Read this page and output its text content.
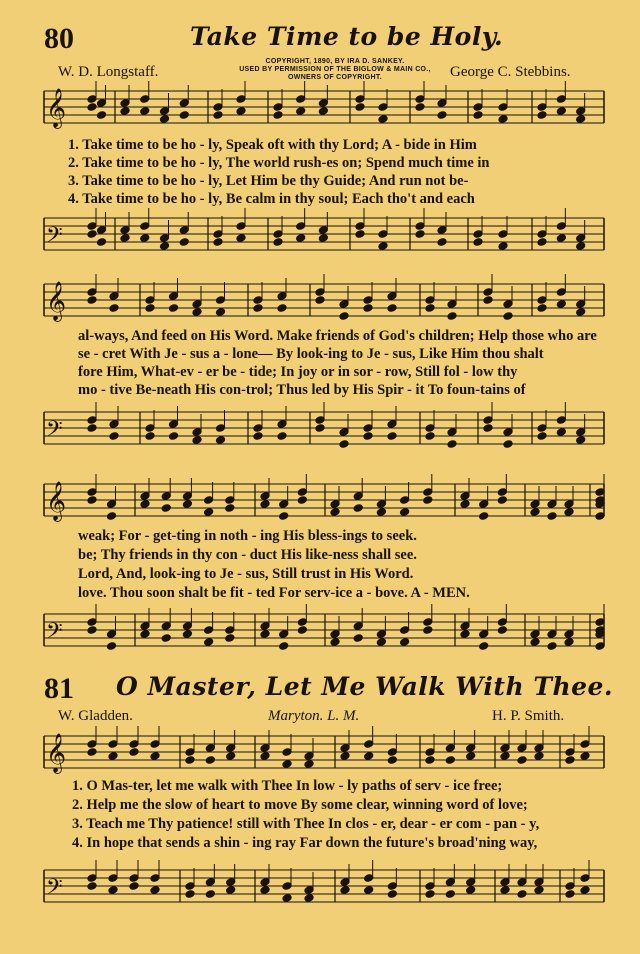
80	Take Time to be Holy.
W. D. Longstaff.
COPYRIGHT, 1890, BY IRA D. SANKEY.
USED BY PERMISSION OF THE BIGLOW & MAIN CO.,
OWNERS OF COPYRIGHT.	George C. Stebbins.
𝄞
𝄢
𝄞
𝄢
𝄞
𝄢
𝄞
𝄢
1. Take time to be ho - ly, Speak oft with thy Lord; A - bide in Him
2. Take time to be ho - ly, The world rush-es on; Spend much time in
3. Take time to be ho - ly, Let Him be thy Guide; And run not be-
4. Take time to be ho - ly, Be calm in thy soul; Each tho't and each
al-ways, And feed on His Word. Make friends of God's children; Help those who are
se - cret With Je - sus a - lone— By look-ing to Je - sus, Like Him thou shalt
fore Him, What-ev - er be - tide; In joy or in sor - row, Still fol - low thy
mo - tive Be-neath His con-trol; Thus led by His Spir - it To foun-tains of
weak; For - get-ting in noth - ing His bless-ings to seek.
be; Thy friends in thy con - duct His like-ness shall see.
Lord, And, look-ing to Je - sus, Still trust in His Word.
love. Thou soon shalt be fit - ted For serv-ice a - bove. A - MEN.
81 O Master, Let Me Walk With Thee.
W. Gladden.	Maryton. L. M.	H. P. Smith.
1. O Mas-ter, let me walk with Thee In low - ly paths of serv - ice free;
2. Help me the slow of heart to move By some clear, winning word of love;
3. Teach me Thy patience! still with Thee In clos - er, dear - er com - pan - y,
4. In hope that sends a shin - ing ray Far down the future's broad'ning way,
